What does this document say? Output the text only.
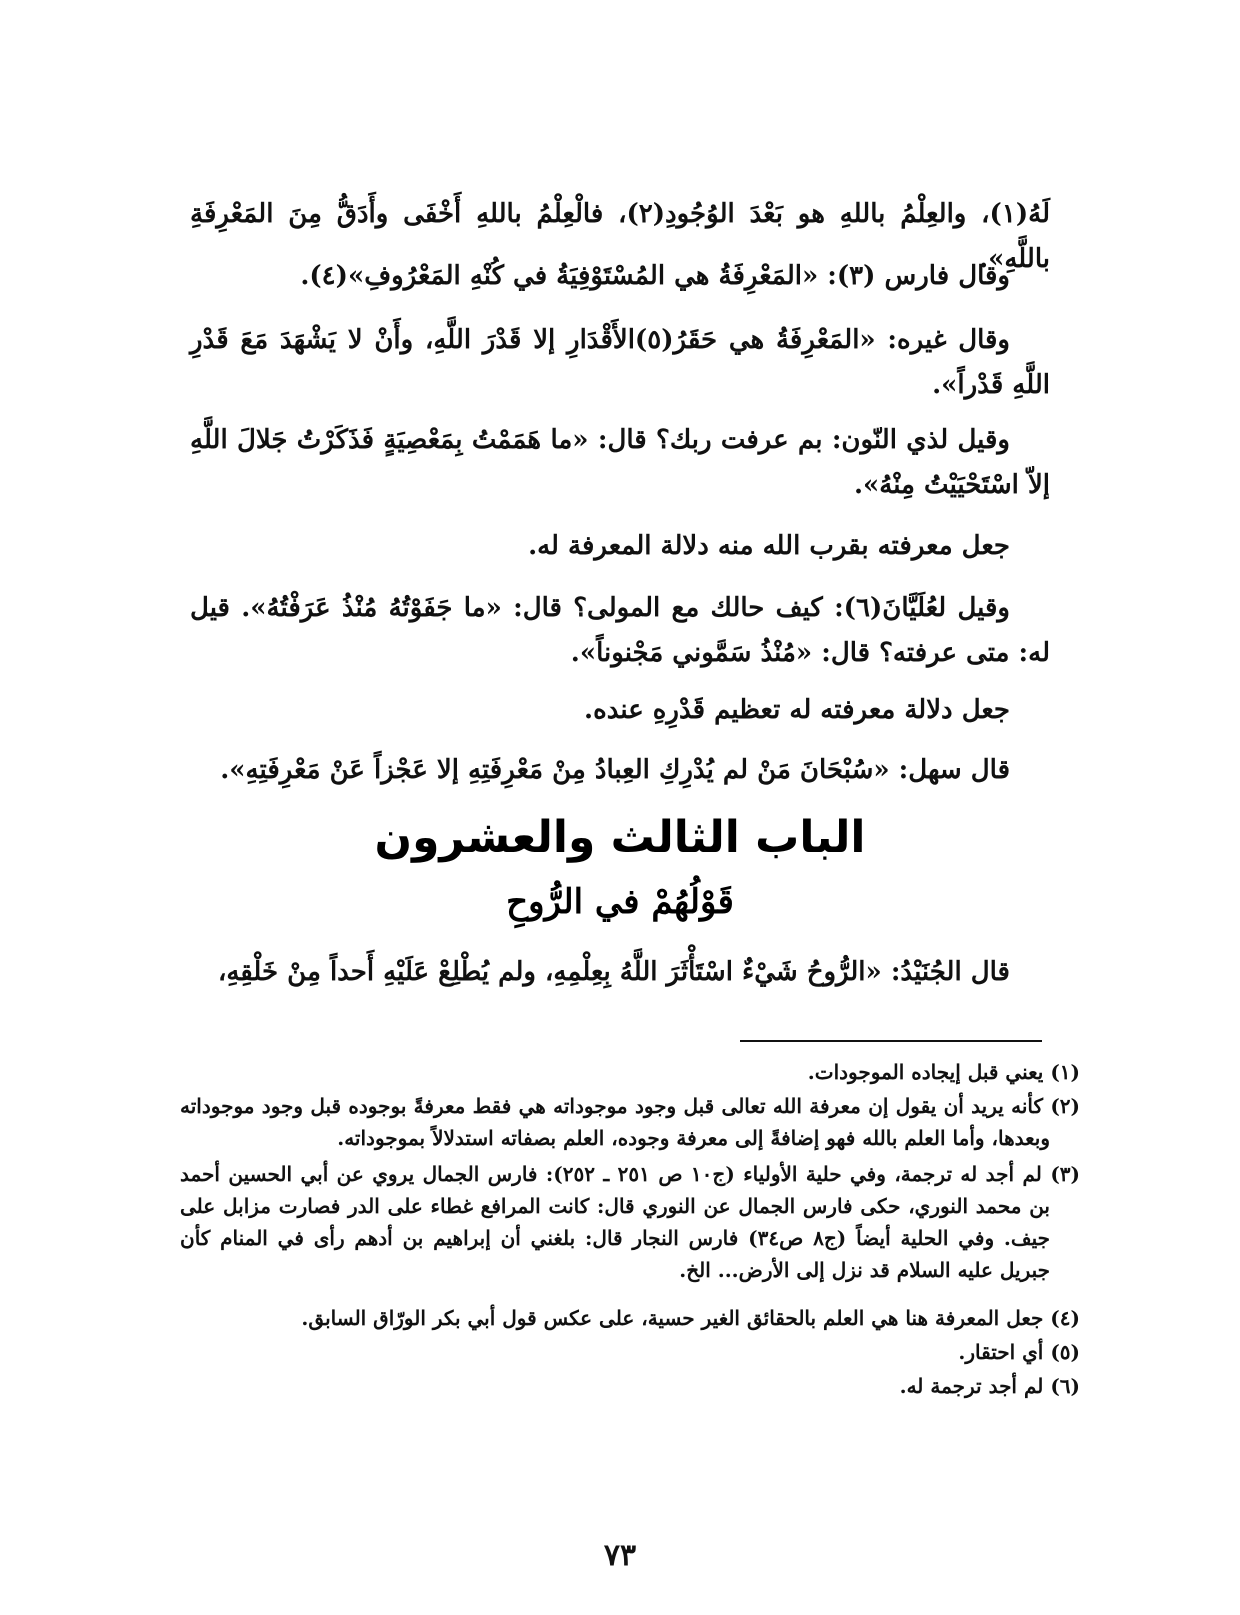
لَهُ(١)، والعِلْمُ باللهِ هو بَعْدَ الوُجُودِ(٢)، فالْعِلْمُ باللهِ أَخْفَى وأَدَقُّ مِنَ المَعْرِفَةِ باللَّهِ».
وقال فارس (٣): «المَعْرِفَةُ هي المُسْتَوْفِيَةُ في كُنْهِ المَعْرُوفِ»(٤).
وقال غيره: «المَعْرِفَةُ هي حَقَرُ(٥)الأَقْدَارِ إلا قَدْرَ اللَّهِ، وأَنْ لا يَشْهَدَ مَعَ قَدْرِ اللَّهِ قَدْراً».
وقيل لذي النّون: بم عرفت ربك؟ قال: «ما هَمَمْتُ بِمَعْصِيَةٍ فَذَكَرْتُ جَلالَ اللَّهِ إلاّ اسْتَحْيَيْتُ مِنْهُ».
جعل معرفته بقرب الله منه دلالة المعرفة له.
وقيل لعُلَيَّانَ(٦): كيف حالك مع المولى؟ قال: «ما جَفَوْتُهُ مُنْذُ عَرَفْتُهُ». قيل له: متى عرفته؟ قال: «مُنْذُ سَمَّوني مَجْنوناً».
جعل دلالة معرفته له تعظيم قَدْرِهِ عنده.
قال سهل: «سُبْحَانَ مَنْ لم يُدْرِكِ العِبادُ مِنْ مَعْرِفَتِهِ إلا عَجْزاً عَنْ مَعْرِفَتِهِ».
الباب الثالث والعشرون
قَوْلُهُمْ في الرُّوحِ
قال الجُنَيْدُ: «الرُّوحُ شَيْءٌ اسْتَأْثَرَ اللَّهُ بِعِلْمِهِ، ولم يُطْلِعْ عَلَيْهِ أَحداً مِنْ خَلْقِهِ،
(١) يعني قبل إيجاده الموجودات.
(٢) كأنه يريد أن يقول إن معرفة الله تعالى قبل وجود موجوداته هي فقط معرفةً بوجوده قبل وجود موجوداته وبعدها، وأما العلم بالله فهو إضافةً إلى معرفة وجوده، العلم بصفاته استدلالاً بموجوداته.
(٣) لم أجد له ترجمة، وفي حلية الأولياء (ج١٠ ص ٢٥١ ـ ٢٥٢): فارس الجمال يروي عن أبي الحسين أحمد بن محمد النوري، حكى فارس الجمال عن النوري قال: كانت المرافع غطاء على الدر فصارت مزابل على جيف. وفي الحلية أيضاً (ج٨ ص٣٤) فارس النجار قال: بلغني أن إبراهيم بن أدهم رأى في المنام كأن جبريل عليه السلام قد نزل إلى الأرض... الخ.
(٤) جعل المعرفة هنا هي العلم بالحقائق الغير حسية، على عكس قول أبي بكر الورّاق السابق.
(٥) أي احتقار.
(٦) لم أجد ترجمة له.
٧٣
